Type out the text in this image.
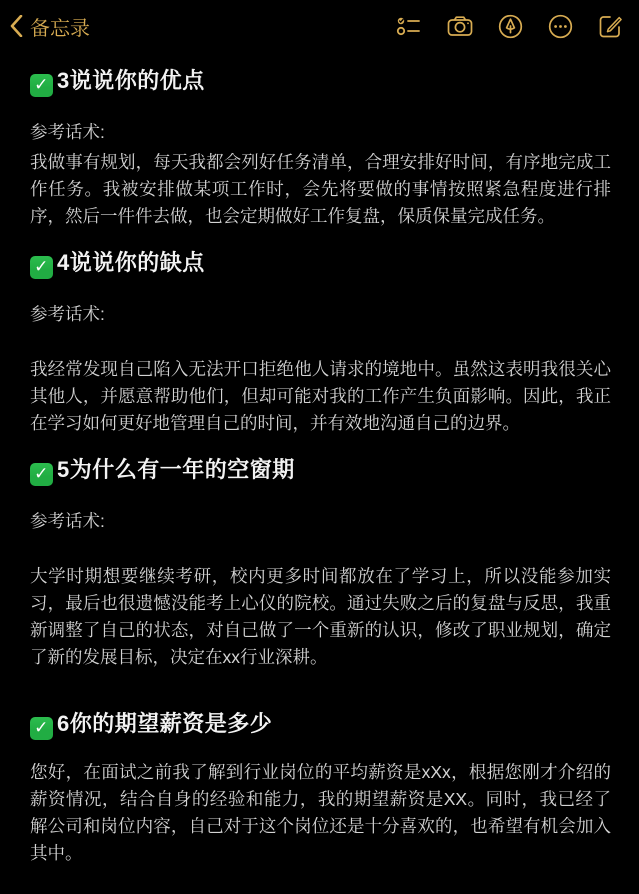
备忘录
✓ 3说说你的优点

参考话术:

我做事有规划，每天我都会列好任务清单，合理安排好时间，有序地完成工作任务。我被安排做某项工作时，会先将要做的事情按照紧急程度进行排序，然后一件件去做，也会定期做好工作复盘，保质保量完成任务。

✓ 4说说你的缺点

参考话术:

我经常发现自己陷入无法开口拒绝他人请求的境地中。虽然这表明我很关心其他人，并愿意帮助他们，但却可能对我的工作产生负面影响。因此，我正在学习如何更好地管理自己的时间，并有效地沟通自己的边界。

✓ 5为什么有一年的空窗期

参考话术:

大学时期想要继续考研，校内更多时间都放在了学习上，所以没能参加实习，最后也很遗憾没能考上心仪的院校。通过失败之后的复盘与反思，我重新调整了自己的状态，对自己做了一个重新的认识，修改了职业规划，确定了新的发展目标，决定在xx行业深耕。

✓ 6你的期望薪资是多少

您好，在面试之前我了解到行业岗位的平均薪资是xXx，根据您刚才介绍的薪资情况，结合自身的经验和能力，我的期望薪资是XX。同时，我已经了解公司和岗位内容，自己对于这个岗位还是十分喜欢的，也希望有机会加入其中。
